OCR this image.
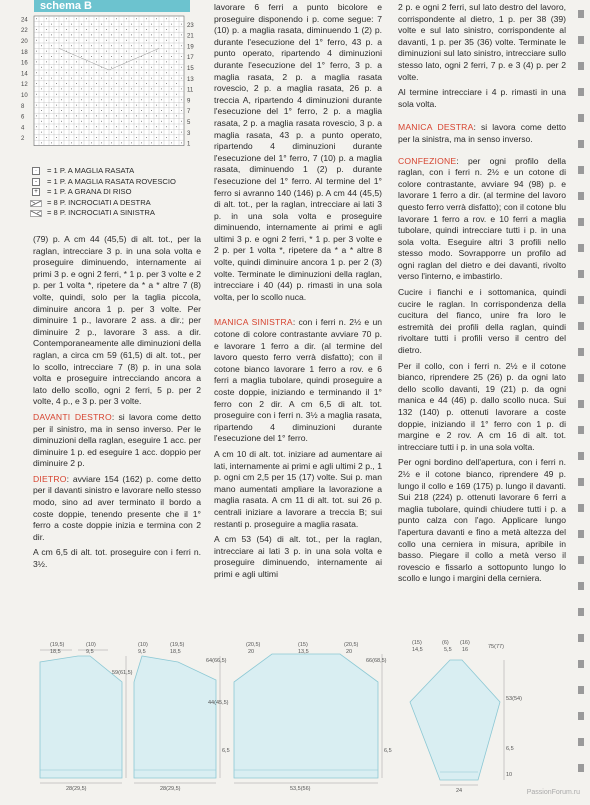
schema B
24
22
20
18
16
14
12
10
8
6
4
2
23
21
19
17
15
13
11
9
7
5
3
1
·	= 1 P. A MAGLIA RASATA
-	= 1 P. A MAGLIA RASATA ROVESCIO
+ = 1 P. A GRANA DI RISO
= 8 P. INCROCIATI A DESTRA
= 8 P. INCROCIATI A SINISTRA

(79) p. A cm 44 (45,5) di alt. tot., per la raglan, intrecciare 3 p. in una sola volta e proseguire diminuendo, internamente ai primi 3 p. e ogni 2 ferri, * 1 p. per 3 volte e 2 p. per 1 volta *, ripetere da * a * altre 7 (8) volte, quindi, solo per la taglia piccola, diminuire ancora 1 p. per 3 volte. Per diminuire 1 p., lavorare 2 ass. a dir.; per diminuire 2 p., lavorare 3 ass. a dir. Contemporaneamente alle diminuzioni della raglan, a circa cm 59 (61,5) di alt. tot., per lo scollo, intrecciare 7 (8) p. in una sola volta e proseguire intrecciando ancora a lato dello scollo, ogni 2 ferri, 5 p. per 2 volte, 4 p., e 3 p. per 3 volte.

DAVANTI DESTRO: si lavora come detto per il sinistro, ma in senso inverso. Per le diminuzioni della raglan, eseguire 1 acc. per diminuire 1 p. ed eseguire 1 acc. doppio per diminuire 2 p.

DIETRO: avviare 154 (162) p. come detto per il davanti sinistro e lavorare nello stesso modo, sino ad aver terminato il bordo a coste doppie, tenendo presente che il 1° ferro a coste doppie inizia e termina con 2 dir.

A cm 6,5 di alt. tot. proseguire con i ferri n. 3½.

lavorare 6 ferri a punto bicolore e proseguire disponendo i p. come segue: 7 (10) p. a maglia rasata, diminuendo 1 (2) p. durante l'esecuzione del 1° ferro, 43 p. a punto operato, ripartendo 4 diminuzioni durante l'esecuzione del 1° ferro, 3 p. a maglia rasata, 2 p. a maglia rasata rovescio, 2 p. a maglia rasata, 26 p. a treccia A, ripartendo 4 diminuzioni durante l'esecuzione del 1° ferro, 2 p. a maglia rasata, 2 p. a maglia rasata rovescio, 3 p. a maglia rasata, 43 p. a punto operato, ripartendo 4 diminuzioni durante l'esecuzione del 1° ferro, 7 (10) p. a maglia rasata, diminuendo 1 (2) p. durante l'esecuzione del 1° ferro. Al termine del 1° ferro si avranno 140 (146) p. A cm 44 (45,5) di alt. tot., per la raglan, intrecciare ai lati 3 p. in una sola volta e proseguire diminuendo, internamente ai primi e agli ultimi 3 p. e ogni 2 ferri, * 1 p. per 3 volte e 2 p. per 1 volta *, ripetere da * a * altre 8 volte, quindi diminuire ancora 1 p. per 2 (3) volte. Terminate le diminuzioni della raglan, intrecciare i 40 (44) p. rimasti in una sola volta, per lo scollo nuca.

MANICA SINISTRA: con i ferri n. 2½ e un cotone di colore contrastante avviare 70 p. e lavorare 1 ferro a dir. (al termine del lavoro questo ferro verrà disfatto); con il cotone bianco lavorare 1 ferro a rov. e 6 ferri a maglia tubolare, quindi proseguire a coste doppie, iniziando e terminando il 1° ferro con 2 dir. A cm 6,5 di alt. tot. proseguire con i ferri n. 3½ a maglia rasata, ripartendo 4 diminuzioni durante l'esecuzione del 1° ferro.

A cm 10 di alt. tot. iniziare ad aumentare ai lati, internamente ai primi e agli ultimi 2 p., 1 p. ogni cm 2,5 per 15 (17) volte. Sui p. man mano aumentati ampliare la lavorazione a maglia rasata. A cm 11 di alt. tot. sui 26 p. centrali iniziare a lavorare a treccia B; sui restanti p. proseguire a maglia rasata.

A cm 53 (54) di alt. tot., per la raglan, intrecciare ai lati 3 p. in una sola volta e proseguire diminuendo, internamente ai primi e agli ultimi

2 p. e ogni 2 ferri, sul lato destro del lavoro, corrispondente al dietro, 1 p. per 38 (39) volte e sul lato sinistro, corrispondente al davanti, 1 p. per 35 (36) volte. Terminate le diminuzioni sul lato sinistro, intrecciare sullo stesso lato, ogni 2 ferri, 7 p. e 3 (4) p. per 2 volte.

Al termine intrecciare i 4 p. rimasti in una sola volta.

MANICA DESTRA: si lavora come detto per la sinistra, ma in senso inverso.

CONFEZIONE: per ogni profilo della raglan, con i ferri n. 2½ e un cotone di colore contrastante, avviare 94 (98) p. e lavorare 1 ferro a dir. (al termine del lavoro questo ferro verrà disfatto); con il cotone blu lavorare 1 ferro a rov. e 10 ferri a maglia tubolare, quindi intrecciare tutti i p. in una sola volta. Eseguire altri 3 profili nello stesso modo. Sovrapporre un profilo ad ogni raglan del dietro e dei davanti, rivolto verso l'interno, e imbastirlo.

Cucire i fianchi e i sottomanica, quindi cucire le raglan. In corrispondenza della cucitura del fianco, unire fra loro le estremità dei profili della raglan, quindi rivoltare tutti i profili verso il centro del dietro.

Per il collo, con i ferri n. 2½ e il cotone bianco, riprendere 25 (26) p. da ogni lato dello scollo davanti, 19 (21) p. da ogni manica e 44 (46) p. dallo scollo nuca. Sui 132 (140) p. ottenuti lavorare a coste doppie, iniziando il 1° ferro con 1 p. di margine e 2 rov. A cm 16 di alt. tot. intrecciare tutti i p. in una sola volta.

Per ogni bordino dell'apertura, con i ferri n. 2½ e il cotone bianco, riprendere 49 p. lungo il collo e 169 (175) p. lungo il davanti. Sui 218 (224) p. ottenuti lavorare 6 ferri a maglia tubolare, quindi chiudere tutti i p. a punto calza con l'ago. Applicare lungo l'apertura davanti e fino a metà altezza del collo una cerniera in misura, apribile in basso. Piegare il collo a metà verso il rovescio e fissarlo a sottopunto lungo lo scollo e lungo i margini della cerniera.

(19,5)
18,5
(10)
9,5
59(61,5)
28(29,5)
(10)
9,5
(19,5)
18,5
64(66,5)
44(45,5)
6,5
28(29,5)
(20,5)
20
(15)
13,5
(20,5)
20
66(68,5)
6,5
53,5(56)
(15)
14,5
(6)
5,5
(16)
16	75(77)
53(54)
6,5
10
24	PassionForum.ru
